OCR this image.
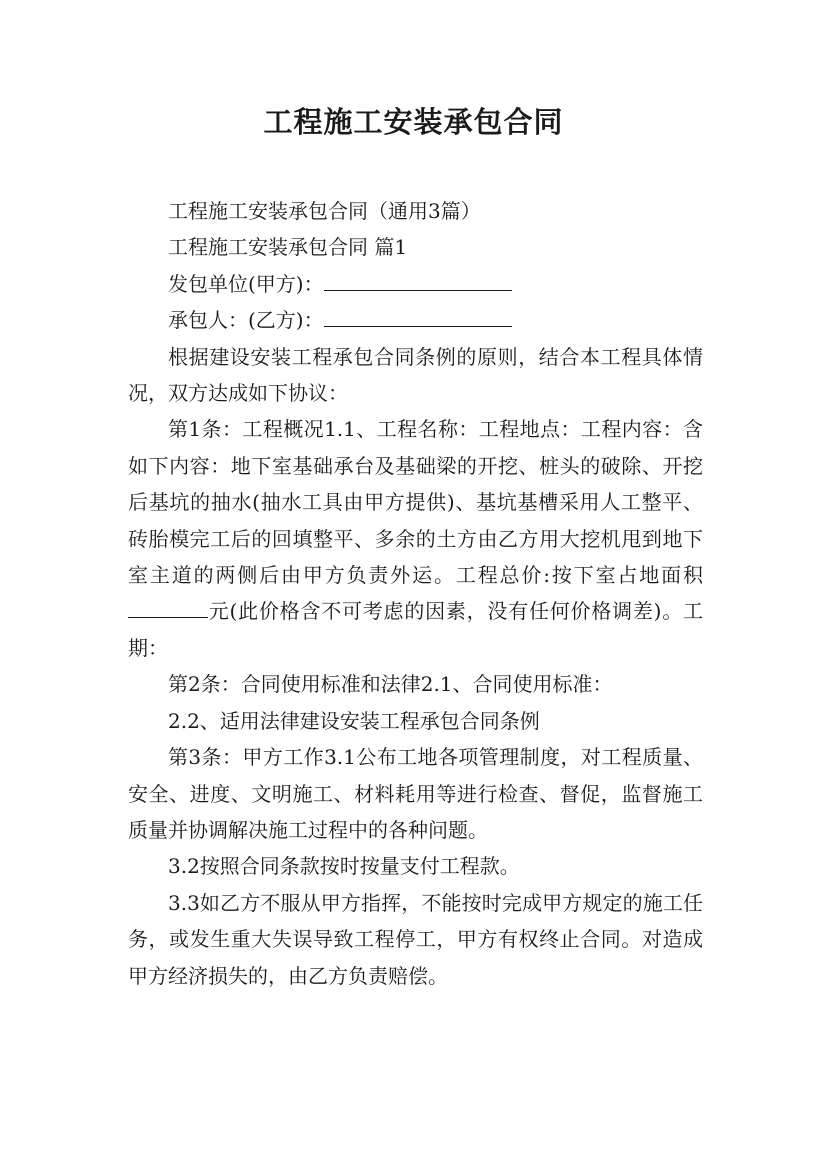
工程施工安装承包合同

工程施工安装承包合同（通用3篇）

工程施工安装承包合同 篇1

发包单位(甲方)：

承包人：(乙方)：

根据建设安装工程承包合同条例的原则，结合本工程具体情况，双方达成如下协议：

第1条：工程概况1.1、工程名称：工程地点：工程内容：含如下内容：地下室基础承台及基础梁的开挖、桩头的破除、开挖后基坑的抽水(抽水工具由甲方提供)、基坑基槽采用人工整平、砖胎模完工后的回填整平、多余的土方由乙方用大挖机甩到地下室主道的两侧后由甲方负责外运。工程总价:按下室占地面积元(此价格含不可考虑的因素，没有任何价格调差)。工期：

第2条：合同使用标准和法律2.1、合同使用标准：

2.2、适用法律建设安装工程承包合同条例

第3条：甲方工作3.1公布工地各项管理制度，对工程质量、安全、进度、文明施工、材料耗用等进行检查、督促，监督施工质量并协调解决施工过程中的各种问题。

3.2按照合同条款按时按量支付工程款。

3.3如乙方不服从甲方指挥，不能按时完成甲方规定的施工任务，或发生重大失误导致工程停工，甲方有权终止合同。对造成甲方经济损失的，由乙方负责赔偿。
